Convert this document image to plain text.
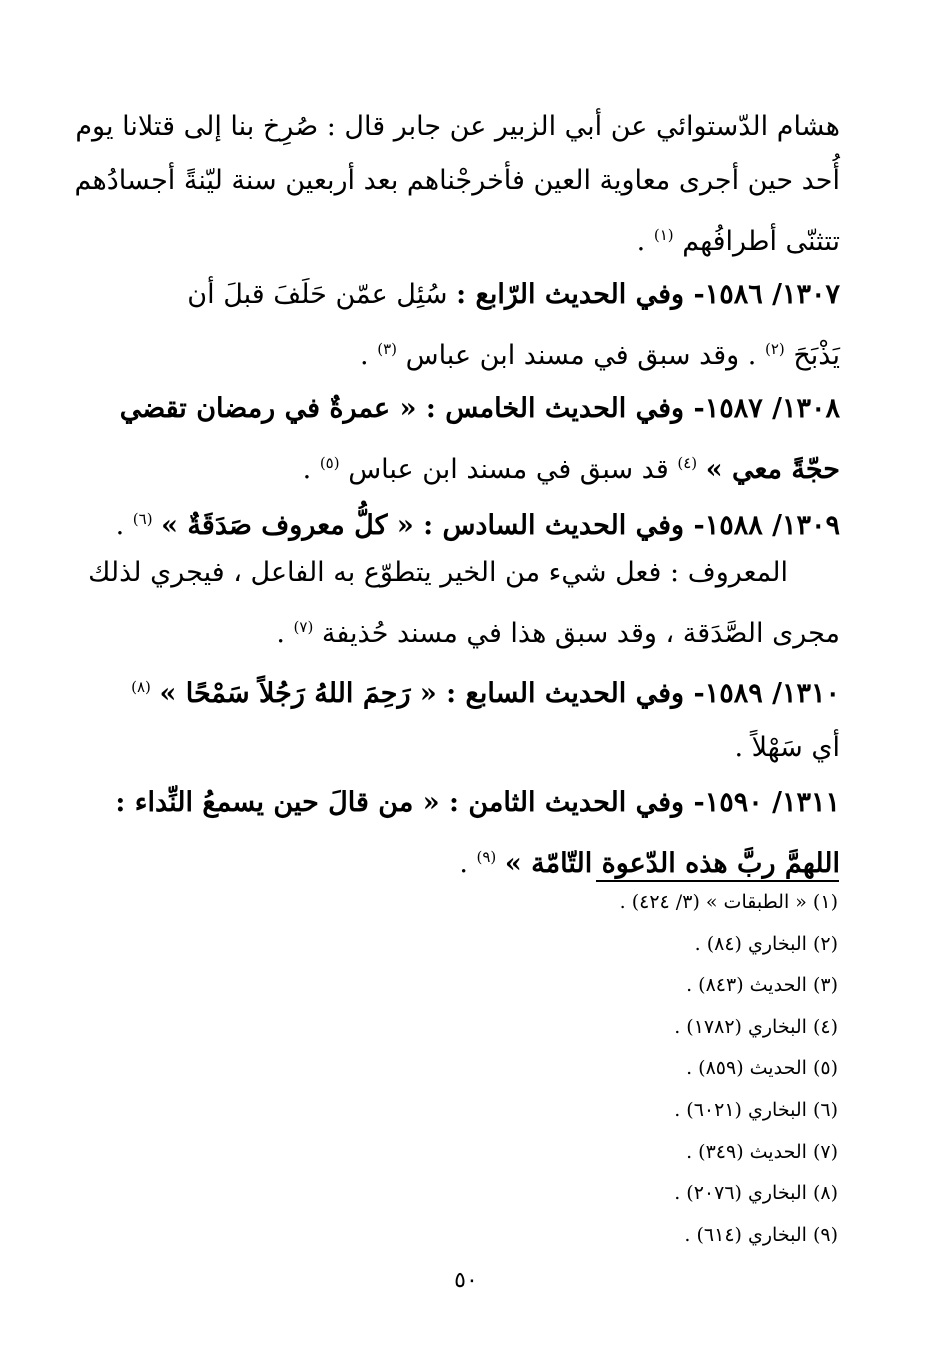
هشام الدّستوائي عن أبي الزبير عن جابر قال : صُرِخ بنا إلى قتلانا يوم
أُحد حين أجرى معاوية العين فأخرجْناهم بعد أربعين سنة ليّنةً أجسادُهم
تتثنّى أطرافُهم $^{(١)}$ .
١٣٠٧/ ١٥٨٦- وفي الحديث الرّابع : سُئِل عمّن حَلَفَ قبلَ أن
يَذْبَحَ $^{(٢)}$ . وقد سبق في مسند ابن عباس $^{(٣)}$ .
١٣٠٨/ ١٥٨٧- وفي الحديث الخامس : « عمرةٌ في رمضان تقضي
حجّةً معي » $^{(٤)}$ قد سبق في مسند ابن عباس $^{(٥)}$ .
١٣٠٩/ ١٥٨٨- وفي الحديث السادس : « كلُّ معروف صَدَقَةٌ » $^{(٦)}$ .
المعروف : فعل شيء من الخير يتطوّع به الفاعل ، فيجري لذلك
مجرى الصَّدَقة ، وقد سبق هذا في مسند حُذيفة $^{(٧)}$ .
١٣١٠/ ١٥٨٩- وفي الحديث السابع : « رَحِمَ اللهُ رَجُلاً سَمْحًا » $^{(٨)}$
أي سَهْلاً .
١٣١١/ ١٥٩٠- وفي الحديث الثامن : « من قالَ حين يسمعُ النِّداء :
اللهمَّ ربَّ هذه الدّعوة التّامّة » $^{(٩)}$ .
(١) « الطبقات » (٣/ ٤٢٤) .
(٢) البخاري (٨٤) .
(٣) الحديث (٨٤٣) .
(٤) البخاري (١٧٨٢) .
(٥) الحديث (٨٥٩) .
(٦) البخاري (٦٠٢١) .
(٧) الحديث (٣٤٩) .
(٨) البخاري (٢٠٧٦) .
(٩) البخاري (٦١٤) .
٥٠
